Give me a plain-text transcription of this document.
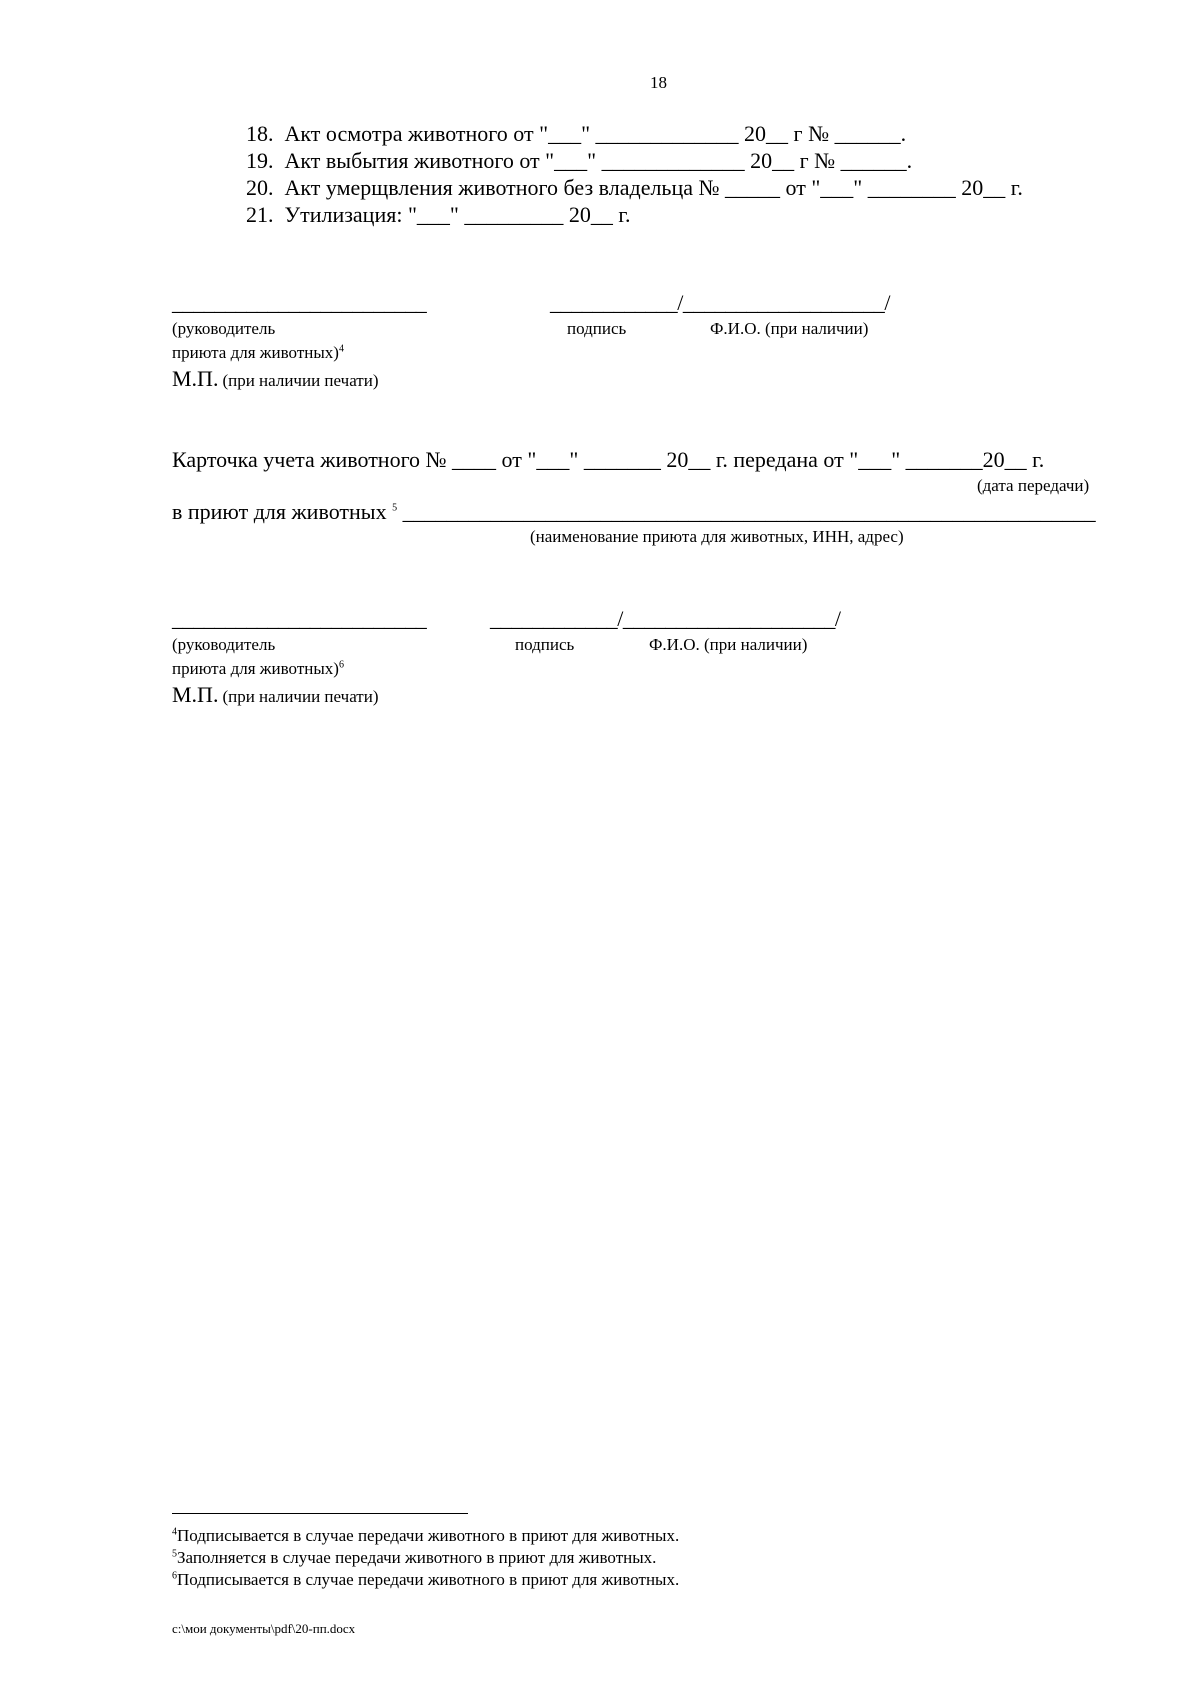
18
18.  Акт осмотра животного от "___" _____________ 20__ г № ______.
19.  Акт выбытия животного от "___" _____________ 20__ г № ______.
20.  Акт умерщвления животного без владельца № _____ от "___" ________ 20__ г.
21.  Утилизация: "___" _________ 20__ г.
________________________	____________/___________________/
(руководитель	подпись	Ф.И.О. (при наличии)
приюта для животных)$^4$
М.П. (при наличии печати)
Карточка учета животного № ____ от "___" _______ 20__ г. передана от "___" _______20__ г.
(дата передачи)
в приют для животных $^5$ _______________________________________________________________
(наименование приюта для животных, ИНН, адрес)
________________________	____________/____________________/
(руководитель	подпись	Ф.И.О. (при наличии)
приюта для животных)$^6$
М.П. (при наличии печати)
$^4$Подписывается в случае передачи животного в приют для животных.
$^5$Заполняется в случае передачи животного в приют для животных.
$^6$Подписывается в случае передачи животного в приют для животных.
c:\мои документы\pdf\20-пп.docx
